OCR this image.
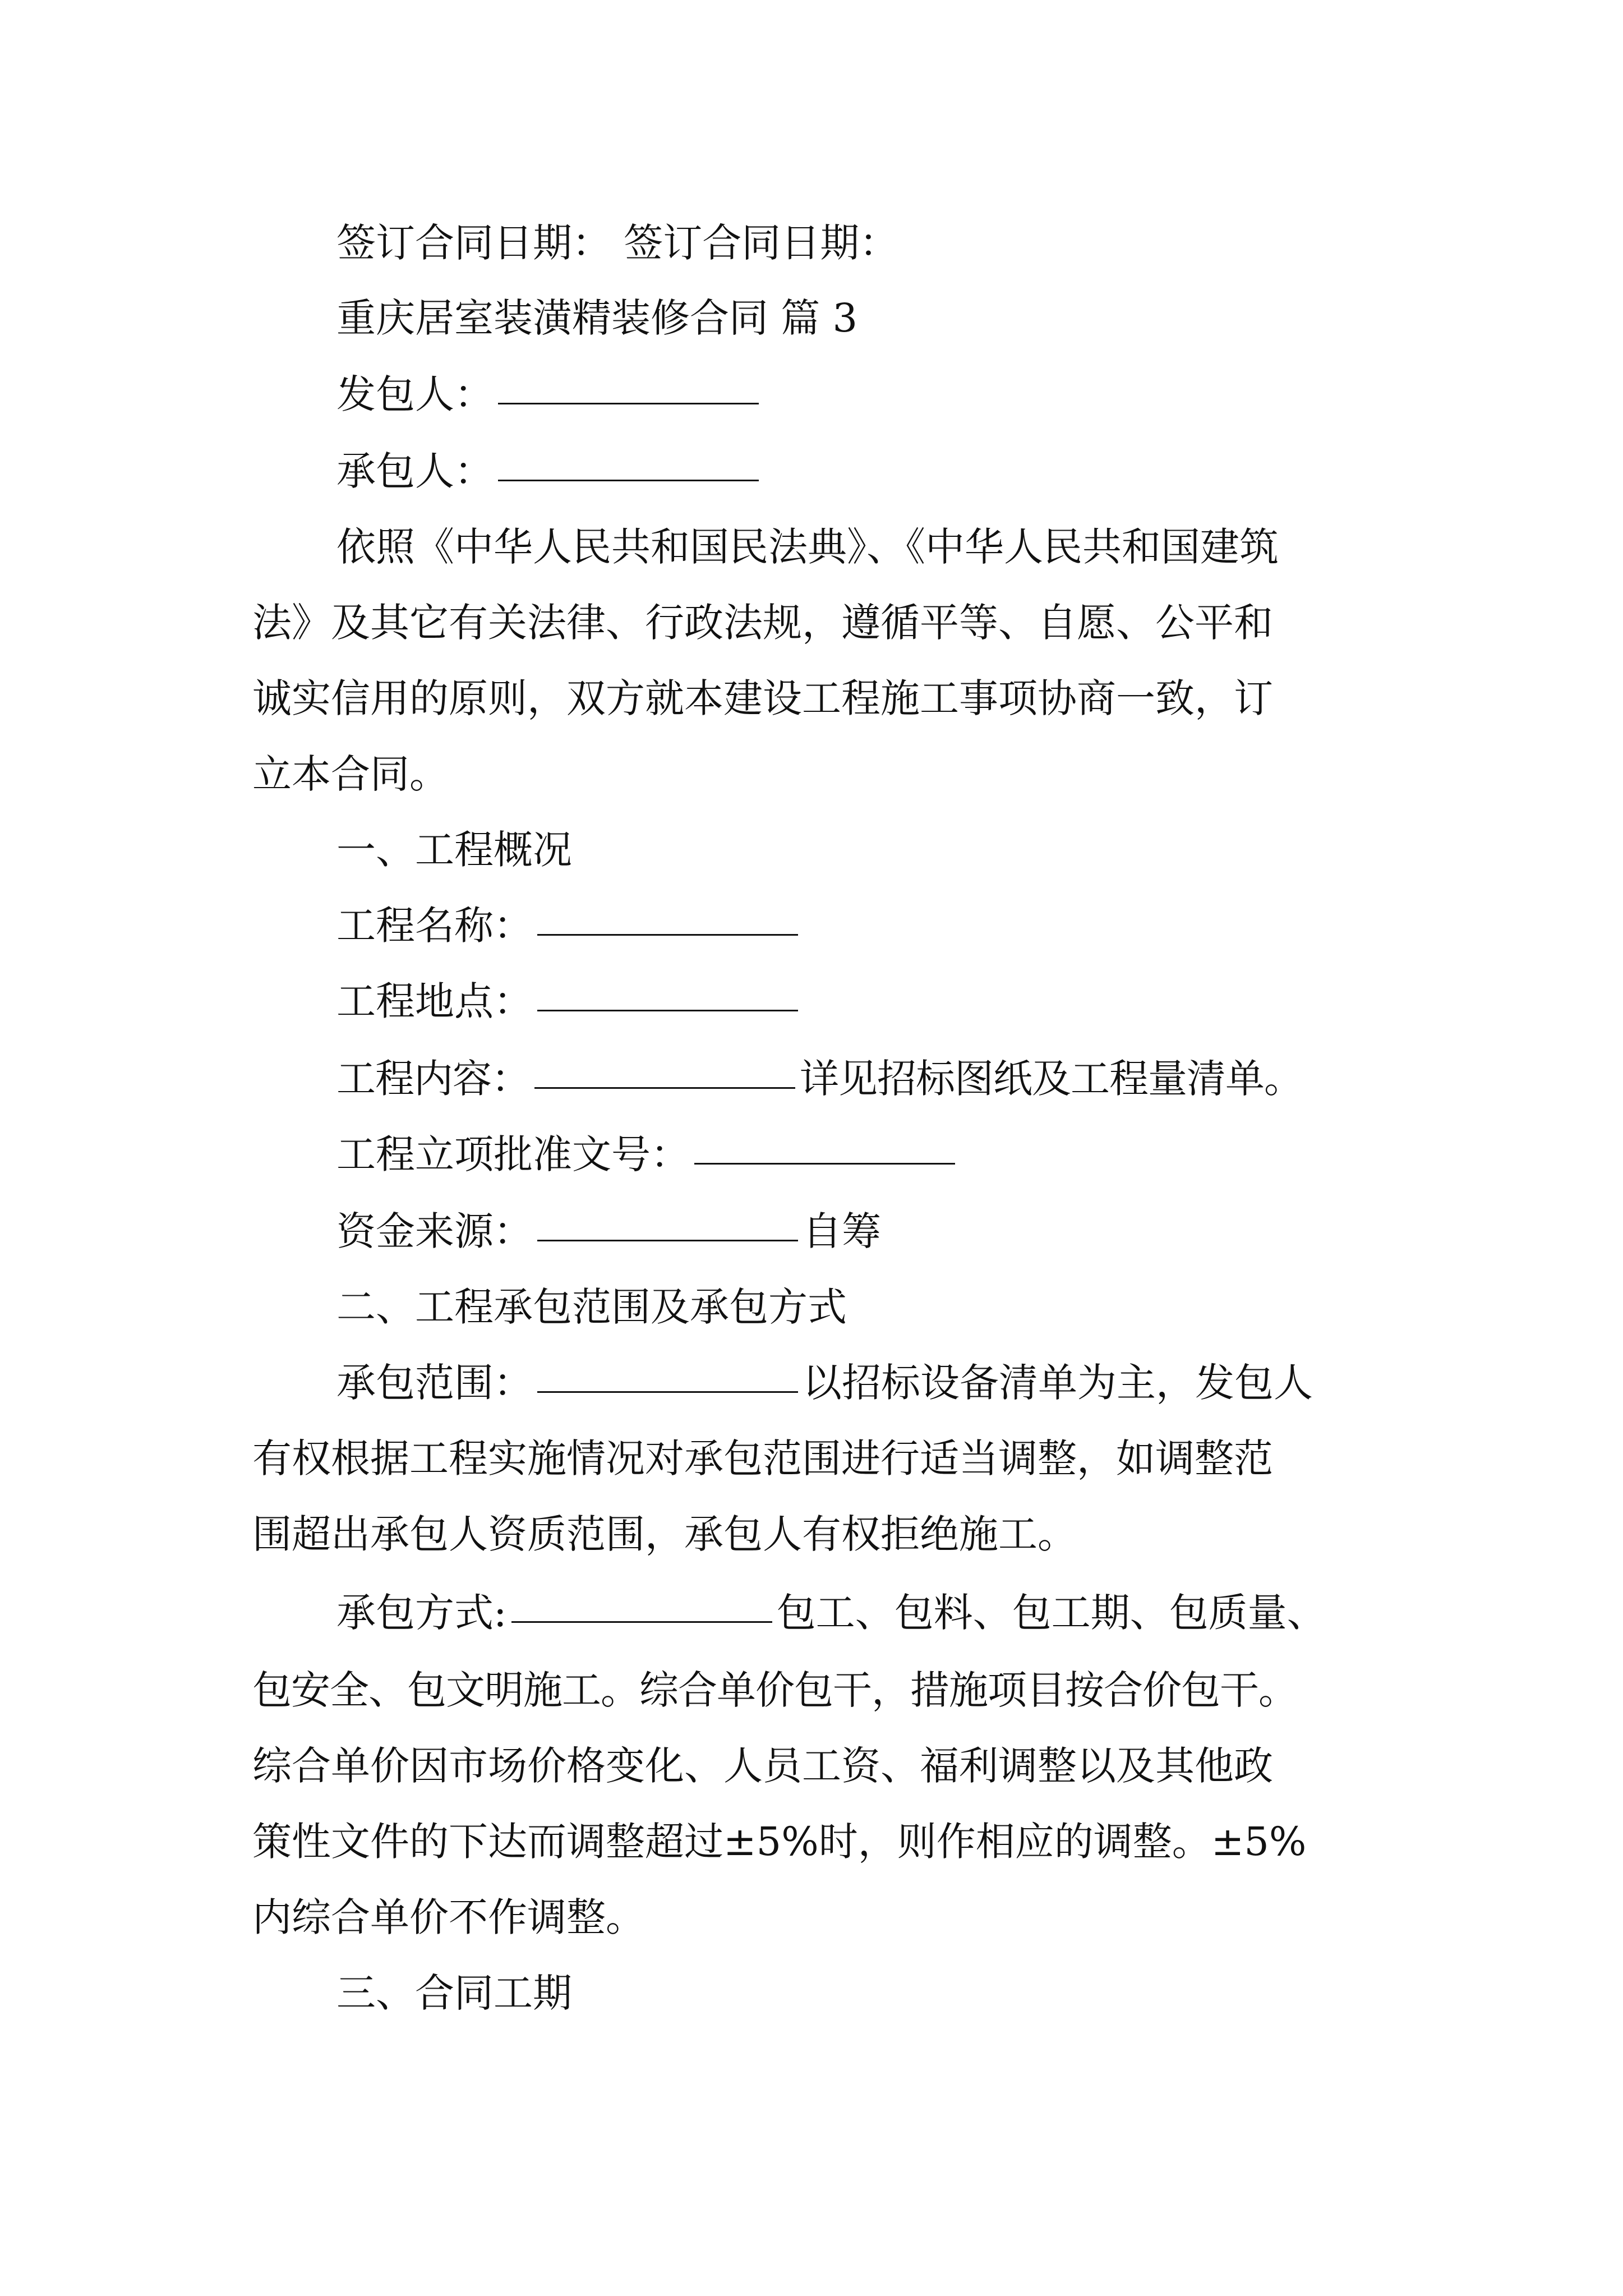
签订合同日期： 签订合同日期：
重庆居室装潢精装修合同 篇 3
发包人：
承包人：
依照《中华人民共和国民法典》、《中华人民共和国建筑
法》及其它有关法律、行政法规，遵循平等、自愿、公平和
诚实信用的原则，双方就本建设工程施工事项协商一致，订
立本合同。
一、工程概况
工程名称：
工程地点：
工程内容：	详见招标图纸及工程量清单。
工程立项批准文号：
资金来源：	自筹
二、工程承包范围及承包方式
承包范围：	以招标设备清单为主，发包人
有权根据工程实施情况对承包范围进行适当调整，如调整范
围超出承包人资质范围，承包人有权拒绝施工。
承包方式:	包工、包料、包工期、包质量、
包安全、包文明施工。综合单价包干，措施项目按合价包干。
综合单价因市场价格变化、人员工资、福利调整以及其他政
策性文件的下达而调整超过±5%时，则作相应的调整。±5%
内综合单价不作调整。
三、合同工期
